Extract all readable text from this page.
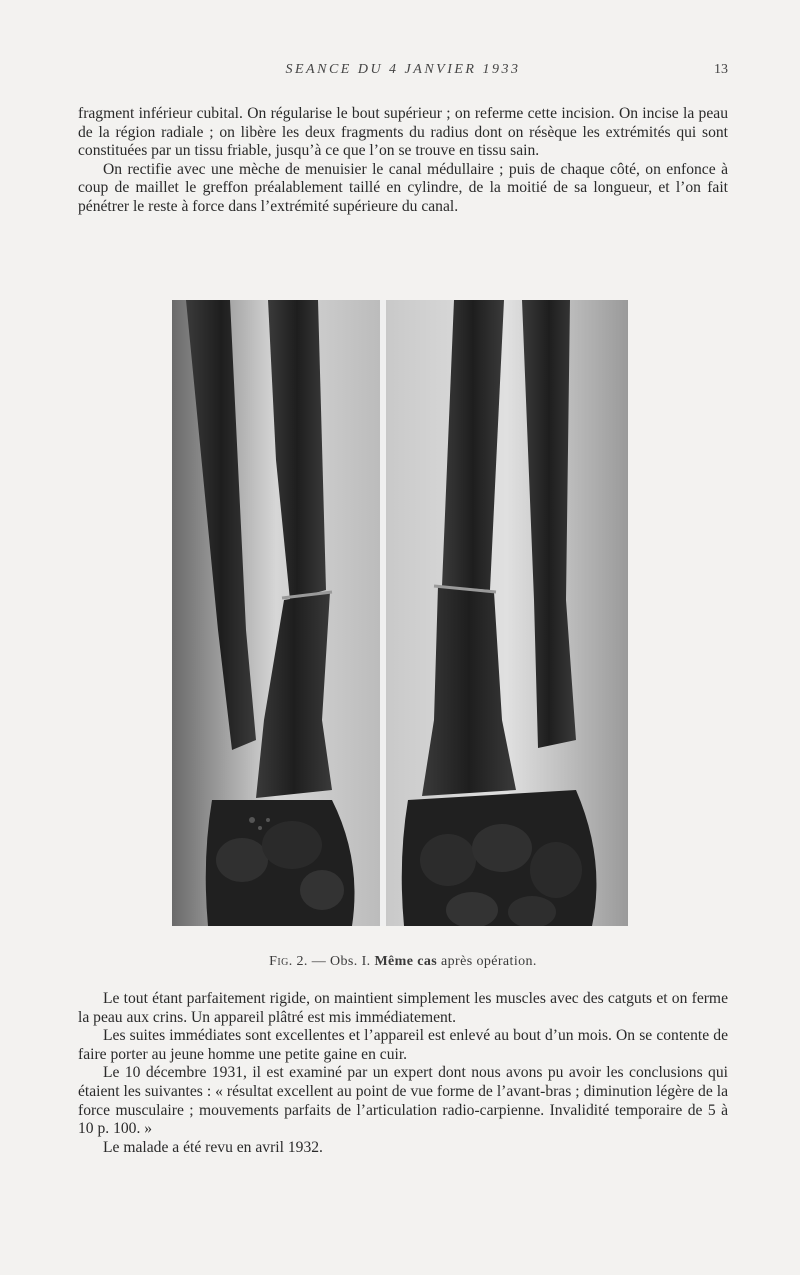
SEANCE DU 4 JANVIER 1933	13

fragment inférieur cubital. On régularise le bout supérieur ; on referme cette incision. On incise la peau de la région radiale ; on libère les deux fragments du radius dont on résèque les extrémités qui sont constituées par un tissu friable, jusqu’à ce que l’on se trouve en tissu sain.

On rectifie avec une mèche de menuisier le canal médullaire ; puis de chaque côté, on enfonce à coup de maillet le greffon préalablement taillé en cylindre, de la moitié de sa longueur, et l’on fait pénétrer le reste à force dans l’extrémité supérieure du canal.

Fig. 2. — Obs. I. Même cas après opération.

Le tout étant parfaitement rigide, on maintient simplement les muscles avec des catguts et on ferme la peau aux crins. Un appareil plâtré est mis immédiatement.

Les suites immédiates sont excellentes et l’appareil est enlevé au bout d’un mois. On se contente de faire porter au jeune homme une petite gaine en cuir.

Le 10 décembre 1931, il est examiné par un expert dont nous avons pu avoir les conclusions qui étaient les suivantes : « résultat excellent au point de vue forme de l’avant-bras ; diminution légère de la force musculaire ; mouvements parfaits de l’articulation radio-carpienne. Invalidité temporaire de 5 à 10 p. 100. »

Le malade a été revu en avril 1932.
